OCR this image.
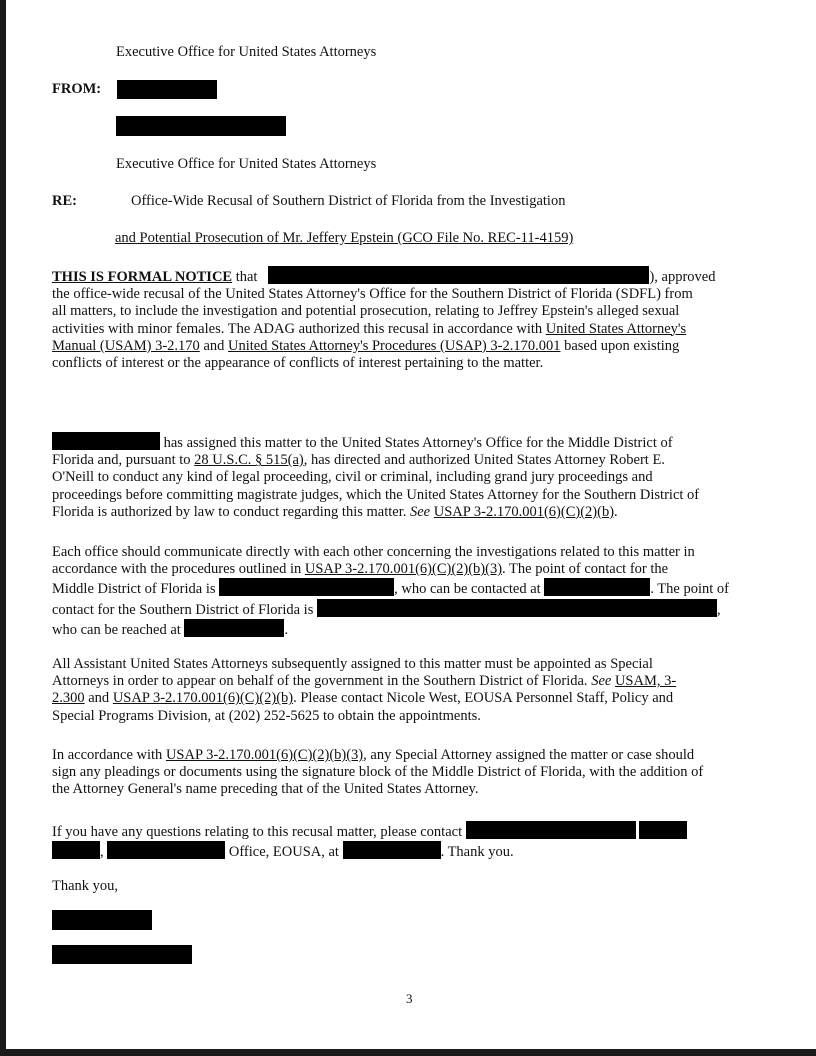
Executive Office for United States Attorneys
FROM:
Executive Office for United States Attorneys
RE:	Office-Wide Recusal of Southern District of Florida from the Investigation
and Potential Prosecution of Mr. Jeffery Epstein (GCO File No. REC-11-4159)
THIS IS FORMAL NOTICE that	), approved
the office-wide recusal of the United States Attorney's Office for the Southern District of Florida (SDFL) from
all matters, to include the investigation and potential prosecution, relating to Jeffrey Epstein's alleged sexual
activities with minor females. The ADAG authorized this recusal in accordance with United States Attorney's
Manual (USAM) 3-2.170 and United States Attorney's Procedures (USAP) 3-2.170.001 based upon existing
conflicts of interest or the appearance of conflicts of interest pertaining to the matter.
has assigned this matter to the United States Attorney's Office for the Middle District of
Florida and, pursuant to 28 U.S.C. § 515(a), has directed and authorized United States Attorney Robert E.
O'Neill to conduct any kind of legal proceeding, civil or criminal, including grand jury proceedings and
proceedings before committing magistrate judges, which the United States Attorney for the Southern District of
Florida is authorized by law to conduct regarding this matter. See USAP 3-2.170.001(6)(C)(2)(b).
Each office should communicate directly with each other concerning the investigations related to this matter in
accordance with the procedures outlined in USAP 3-2.170.001(6)(C)(2)(b)(3). The point of contact for the
Middle District of Florida is	, who can be contacted at	. The point of
contact for the Southern District of Florida is	,
who can be reached at	.
All Assistant United States Attorneys subsequently assigned to this matter must be appointed as Special
Attorneys in order to appear on behalf of the government in the Southern District of Florida. See USAM, 3-
2.300 and USAP 3-2.170.001(6)(C)(2)(b). Please contact Nicole West, EOUSA Personnel Staff, Policy and
Special Programs Division, at (202) 252-5625 to obtain the appointments.
In accordance with USAP 3-2.170.001(6)(C)(2)(b)(3), any Special Attorney assigned the matter or case should
sign any pleadings or documents using the signature block of the Middle District of Florida, with the addition of
the Attorney General's name preceding that of the United States Attorney.
If you have any questions relating to this recusal matter, please contact
,	Office, EOUSA, at	. Thank you.
Thank you,
3
